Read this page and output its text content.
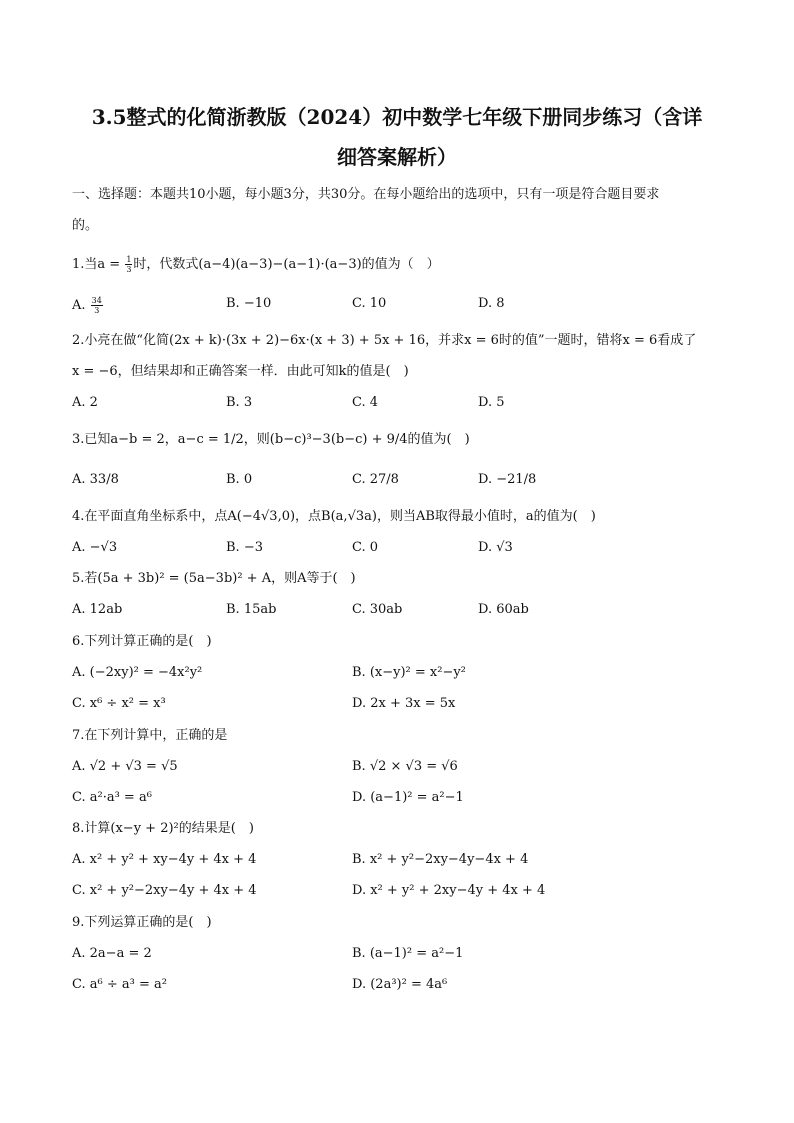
3.5整式的化简浙教版（2024）初中数学七年级下册同步练习（含详
细答案解析）
一、选择题：本题共10小题，每小题3分，共30分。在每小题给出的选项中，只有一项是符合题目要求
的。
1.当$a = \frac{1}{3}$ 时，代数式(a−4)(a−3)−(a−1)·(a−3)的值为（　）
A. $\frac{34}{3}$	B. −10	C. 10	D. 8
2.小亮在做“化简(2x + k)·(3x + 2)−6x·(x + 3) + 5x + 16，并求x = 6时的值”一题时，错将x = 6看成了
x = −6，但结果却和正确答案一样．由此可知k的值是(　)
A. 2	B. 3	C. 4	D. 5
3.已知a−b = 2，a−c = 1/2，则(b−c)³−3(b−c) + 9/4的值为(　)
A. 33/8	B. 0	C. 27/8	D. −21/8
4.在平面直角坐标系中，点A(−4√3,0)，点B(a,√3a)，则当AB取得最小值时，a的值为(　)
A. −√3	B. −3	C. 0	D. √3
5.若(5a + 3b)² = (5a−3b)² + A，则A等于(　)
A. 12ab	B. 15ab	C. 30ab	D. 60ab
6.下列计算正确的是(　)
A. (−2xy)² = −4x²y²	B. (x−y)² = x²−y²
C. x⁶ ÷ x² = x³	D. 2x + 3x = 5x
7.在下列计算中，正确的是
A. √2 + √3 = √5	B. √2 × √3 = √6
C. a²·a³ = a⁶	D. (a−1)² = a²−1
8.计算(x−y + 2)²的结果是(　)
A. x² + y² + xy−4y + 4x + 4	B. x² + y²−2xy−4y−4x + 4
C. x² + y²−2xy−4y + 4x + 4	D. x² + y² + 2xy−4y + 4x + 4
9.下列运算正确的是(　)
A. 2a−a = 2	B. (a−1)² = a²−1
C. a⁶ ÷ a³ = a²	D. (2a³)² = 4a⁶
